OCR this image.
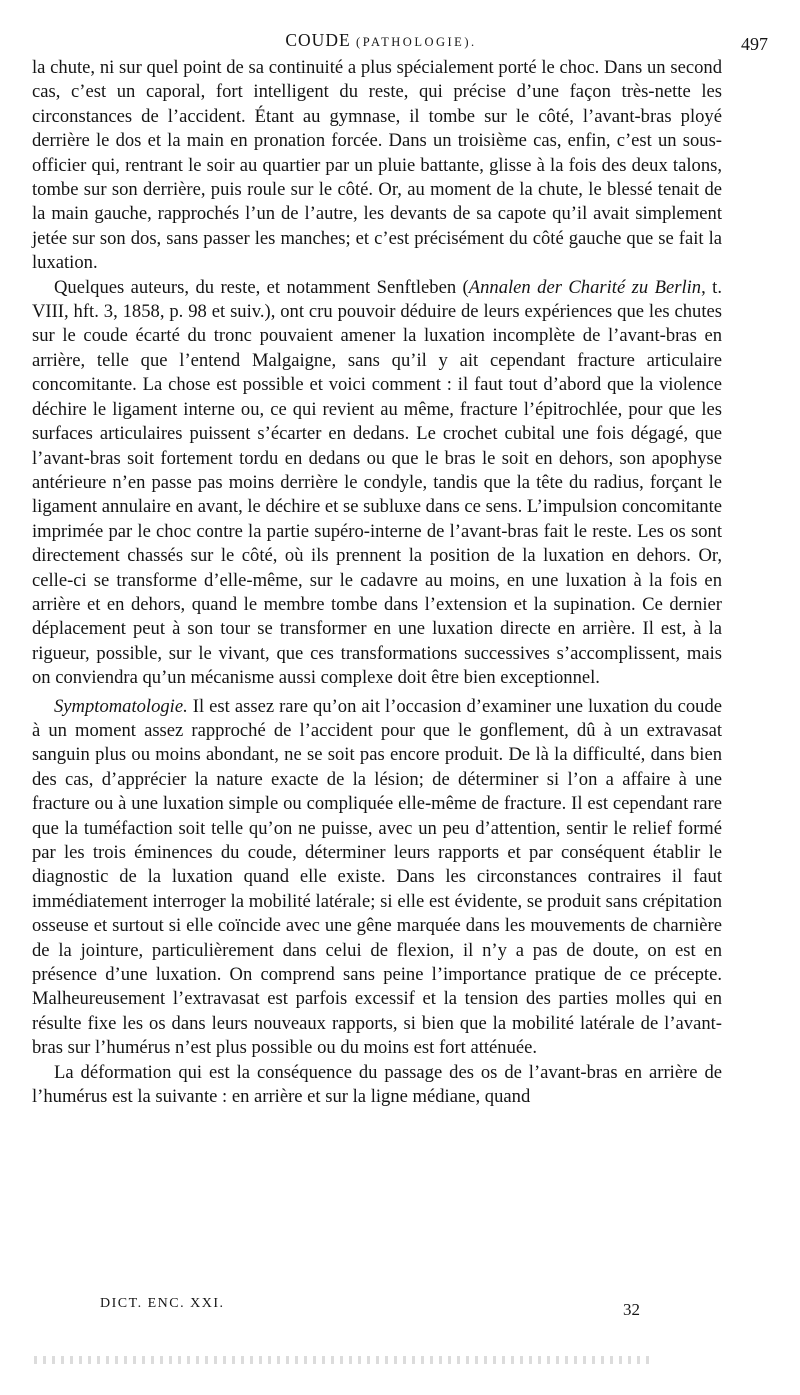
COUDE (PATHOLOGIE).	497

la chute, ni sur quel point de sa continuité a plus spécialement porté le choc. Dans un second cas, c’est un caporal, fort intelligent du reste, qui précise d’une façon très-nette les circonstances de l’accident. Étant au gymnase, il tombe sur le côté, l’avant-bras ployé derrière le dos et la main en pronation forcée. Dans un troisième cas, enfin, c’est un sous-officier qui, rentrant le soir au quartier par un pluie battante, glisse à la fois des deux talons, tombe sur son derrière, puis roule sur le côté. Or, au moment de la chute, le blessé tenait de la main gauche, rapprochés l’un de l’autre, les devants de sa capote qu’il avait simplement jetée sur son dos, sans passer les manches; et c’est précisément du côté gauche que se fait la luxation.

Quelques auteurs, du reste, et notamment Senftleben (Annalen der Charité zu Berlin, t. VIII, hft. 3, 1858, p. 98 et suiv.), ont cru pouvoir déduire de leurs expériences que les chutes sur le coude écarté du tronc pouvaient amener la luxation incomplète de l’avant-bras en arrière, telle que l’entend Malgaigne, sans qu’il y ait cependant fracture articulaire concomitante. La chose est possible et voici comment : il faut tout d’abord que la violence déchire le ligament interne ou, ce qui revient au même, fracture l’épitrochlée, pour que les surfaces articulaires puissent s’écarter en dedans. Le crochet cubital une fois dégagé, que l’avant-bras soit fortement tordu en dedans ou que le bras le soit en dehors, son apophyse antérieure n’en passe pas moins derrière le condyle, tandis que la tête du radius, forçant le ligament annulaire en avant, le déchire et se subluxe dans ce sens. L’impulsion concomitante imprimée par le choc contre la partie supéro-interne de l’avant-bras fait le reste. Les os sont directement chassés sur le côté, où ils prennent la position de la luxation en dehors. Or, celle-ci se transforme d’elle-même, sur le cadavre au moins, en une luxation à la fois en arrière et en dehors, quand le membre tombe dans l’extension et la supination. Ce dernier déplacement peut à son tour se transformer en une luxation directe en arrière. Il est, à la rigueur, possible, sur le vivant, que ces transformations successives s’accomplissent, mais on conviendra qu’un mécanisme aussi complexe doit être bien exceptionnel.

Symptomatologie. Il est assez rare qu’on ait l’occasion d’examiner une luxation du coude à un moment assez rapproché de l’accident pour que le gonflement, dû à un extravasat sanguin plus ou moins abondant, ne se soit pas encore produit. De là la difficulté, dans bien des cas, d’apprécier la nature exacte de la lésion; de déterminer si l’on a affaire à une fracture ou à une luxation simple ou compliquée elle-même de fracture. Il est cependant rare que la tuméfaction soit telle qu’on ne puisse, avec un peu d’attention, sentir le relief formé par les trois éminences du coude, déterminer leurs rapports et par conséquent établir le diagnostic de la luxation quand elle existe. Dans les circonstances contraires il faut immédiatement interroger la mobilité latérale; si elle est évidente, se produit sans crépitation osseuse et surtout si elle coïncide avec une gêne marquée dans les mouvements de charnière de la jointure, particulièrement dans celui de flexion, il n’y a pas de doute, on est en présence d’une luxation. On comprend sans peine l’importance pratique de ce précepte. Malheureusement l’extravasat est parfois excessif et la tension des parties molles qui en résulte fixe les os dans leurs nouveaux rapports, si bien que la mobilité latérale de l’avant-bras sur l’humérus n’est plus possible ou du moins est fort atténuée.

La déformation qui est la conséquence du passage des os de l’avant-bras en arrière de l’humérus est la suivante : en arrière et sur la ligne médiane, quand

DICT. ENC. XXI.	32
